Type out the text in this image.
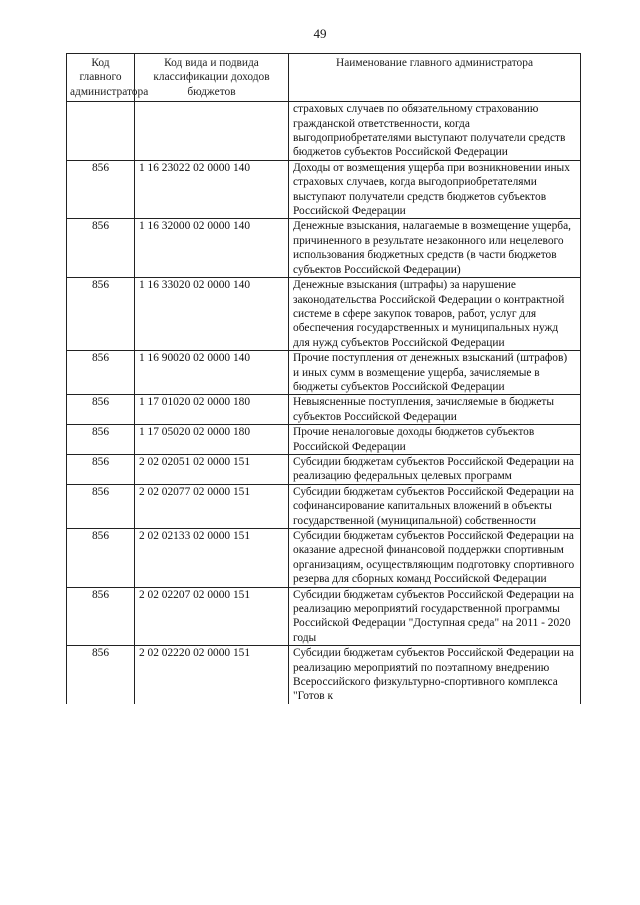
49
Код главного администратора	Код вида и подвида классификации доходов бюджетов	Наименование главного администратора
		страховых случаев по обязательному страхованию гражданской ответственности, когда выгодоприобретателями выступают получатели средств бюджетов субъектов Российской Федерации
856	1 16 23022 02 0000 140	Доходы от возмещения ущерба при возникновении иных страховых случаев, когда выгодоприобретателями выступают получатели средств бюджетов субъектов Российской Федерации
856	1 16 32000 02 0000 140	Денежные взыскания, налагаемые в возмещение ущерба, причиненного в результате незаконного или нецелевого использования бюджетных средств (в части бюджетов субъектов Российской Федерации)
856	1 16 33020 02 0000 140	Денежные взыскания (штрафы) за нарушение законодательства Российской Федерации о контрактной системе в сфере закупок товаров, работ, услуг для обеспечения государственных и муниципальных нужд для нужд субъектов Российской Федерации
856	1 16 90020 02 0000 140	Прочие поступления от денежных взысканий (штрафов) и иных сумм в возмещение ущерба, зачисляемые в бюджеты субъектов Российской Федерации
856	1 17 01020 02 0000 180	Невыясненные поступления, зачисляемые в бюджеты субъектов Российской Федерации
856	1 17 05020 02 0000 180	Прочие неналоговые доходы бюджетов субъектов Российской Федерации
856	2 02 02051 02 0000 151	Субсидии бюджетам субъектов Российской Федерации на реализацию федеральных целевых программ
856	2 02 02077 02 0000 151	Субсидии бюджетам субъектов Российской Федерации на софинансирование капитальных вложений в объекты государственной (муниципальной) собственности
856	2 02 02133 02 0000 151	Субсидии бюджетам субъектов Российской Федерации на оказание адресной финансовой поддержки спортивным организациям, осуществляющим подготовку спортивного резерва для сборных команд Российской Федерации
856	2 02 02207 02 0000 151	Субсидии бюджетам субъектов Российской Федерации на реализацию мероприятий государственной программы Российской Федерации "Доступная среда" на 2011 - 2020 годы
856	2 02 02220 02 0000 151	Субсидии бюджетам субъектов Российской Федерации на реализацию мероприятий по поэтапному внедрению Всероссийского физкультурно-спортивного комплекса "Готов к
